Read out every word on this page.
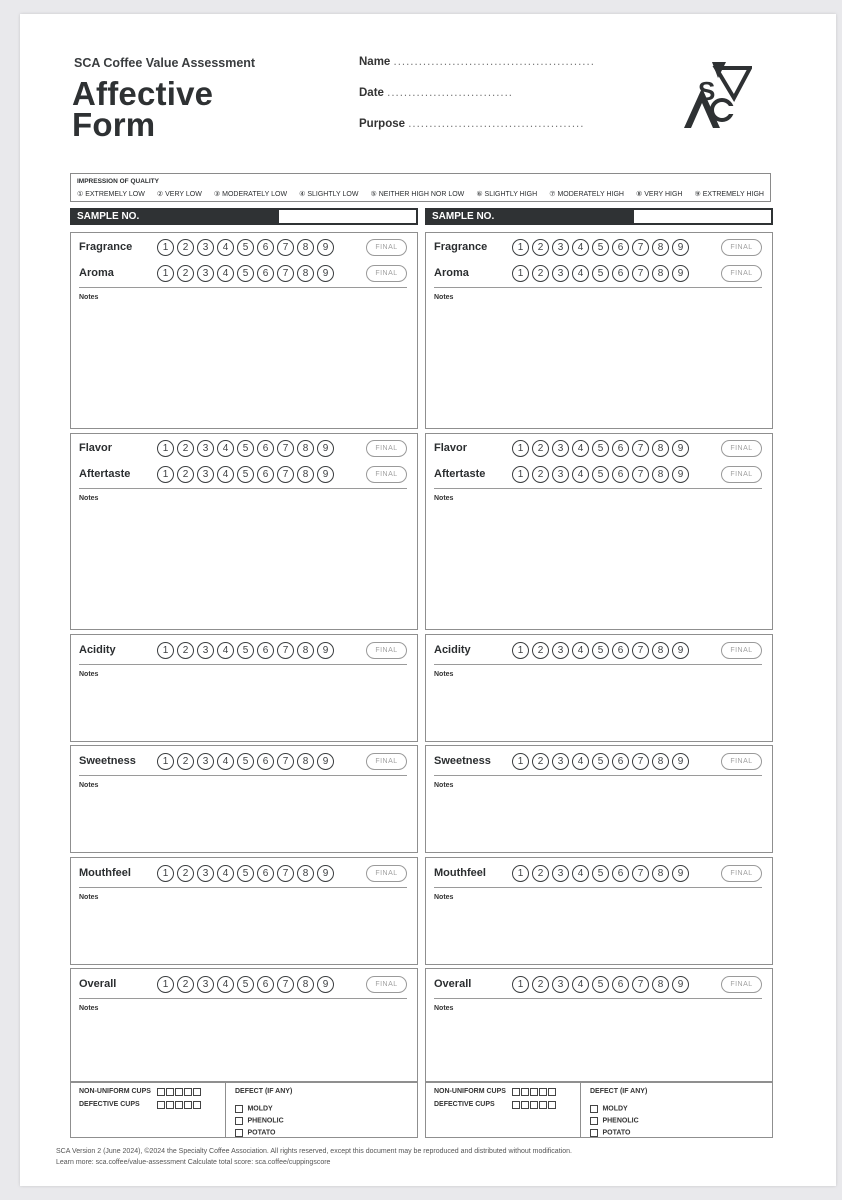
SCA Coffee Value Assessment
Affective
Form
Name ................................................
Date ..............................
Purpose ..........................................
S
IMPRESSION OF QUALITY
① EXTREMELY LOW ② VERY LOW ③ MODERATELY LOW ④ SLIGHTLY LOW ⑤ NEITHER HIGH NOR LOW ⑥ SLIGHTLY HIGH ⑦ MODERATELY HIGH ⑧ VERY HIGH ⑨ EXTREMELY HIGH
SAMPLE NO.
Fragrance	1	2	3	4	5	6	7	8	9	FINAL
Aroma	1	2	3	4	5	6	7	8	9	FINAL
Notes
Flavor	1	2	3	4	5	6	7	8	9	FINAL
Aftertaste	1	2	3	4	5	6	7	8	9	FINAL
Notes
Acidity	1	2	3	4	5	6	7	8	9	FINAL
Notes
Sweetness	1	2	3	4	5	6	7	8	9	FINAL
Notes
Mouthfeel	1	2	3	4	5	6	7	8	9	FINAL
Notes
Overall	1	2	3	4	5	6	7	8	9	FINAL
Notes
NON-UNIFORM CUPS
DEFECTIVE CUPS
DEFECT (IF ANY)
MOLDY
PHENOLIC
POTATO
SAMPLE NO.
Fragrance	1	2	3	4	5	6	7	8	9	FINAL
Aroma	1	2	3	4	5	6	7	8	9	FINAL
Notes
Flavor	1	2	3	4	5	6	7	8	9	FINAL
Aftertaste	1	2	3	4	5	6	7	8	9	FINAL
Notes
Acidity	1	2	3	4	5	6	7	8	9	FINAL
Notes
Sweetness	1	2	3	4	5	6	7	8	9	FINAL
Notes
Mouthfeel	1	2	3	4	5	6	7	8	9	FINAL
Notes
Overall	1	2	3	4	5	6	7	8	9	FINAL
Notes
NON-UNIFORM CUPS
DEFECTIVE CUPS
DEFECT (IF ANY)
MOLDY
PHENOLIC
POTATO
SCA Version 2 (June 2024), ©2024 the Specialty Coffee Association. All rights reserved, except this document may be reproduced and distributed without modification.
Learn more: sca.coffee/value-assessment Calculate total score: sca.coffee/cuppingscore
